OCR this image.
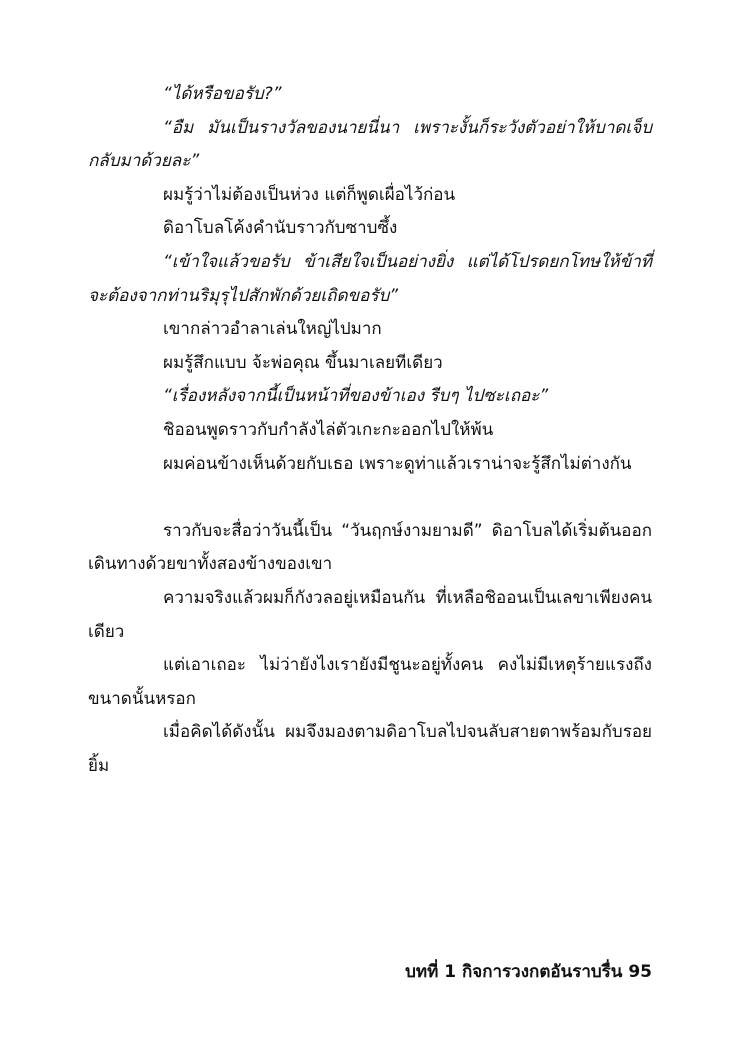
“ได้หรือขอรับ?”

“อืม มันเป็นรางวัลของนายนี่นา เพราะงั้นก็ระวังตัวอย่าให้บาดเจ็บกลับมาด้วยละ”

ผมรู้ว่าไม่ต้องเป็นห่วง แต่ก็พูดเผื่อไว้ก่อน

ดิอาโบลโค้งคำนับราวกับซาบซึ้ง

“เข้าใจแล้วขอรับ ข้าเสียใจเป็นอย่างยิ่ง แต่ได้โปรดยกโทษให้ข้าที่จะต้องจากท่านริมุรุไปสักพักด้วยเถิดขอรับ”

เขากล่าวอำลาเล่นใหญ่ไปมาก

ผมรู้สึกแบบ จ้ะพ่อคุณ ขึ้นมาเลยทีเดียว

“เรื่องหลังจากนี้เป็นหน้าที่ของข้าเอง รีบๆ ไปซะเถอะ”

ชิออนพูดราวกับกำลังไล่ตัวเกะกะออกไปให้พ้น

ผมค่อนข้างเห็นด้วยกับเธอ เพราะดูท่าแล้วเราน่าจะรู้สึกไม่ต่างกัน

ราวกับจะสื่อว่าวันนี้เป็น “วันฤกษ์งามยามดี” ดิอาโบลได้เริ่มต้นออกเดินทางด้วยขาทั้งสองข้างของเขา

ความจริงแล้วผมก็กังวลอยู่เหมือนกัน ที่เหลือชิออนเป็นเลขาเพียงคนเดียว

แต่เอาเถอะ ไม่ว่ายังไงเรายังมีชูนะอยู่ทั้งคน คงไม่มีเหตุร้ายแรงถึงขนาดนั้นหรอก

เมื่อคิดได้ดังนั้น ผมจึงมองตามดิอาโบลไปจนลับสายตาพร้อมกับรอยยิ้ม

บทที่ 1 กิจการวงกตอันราบรื่น 95
